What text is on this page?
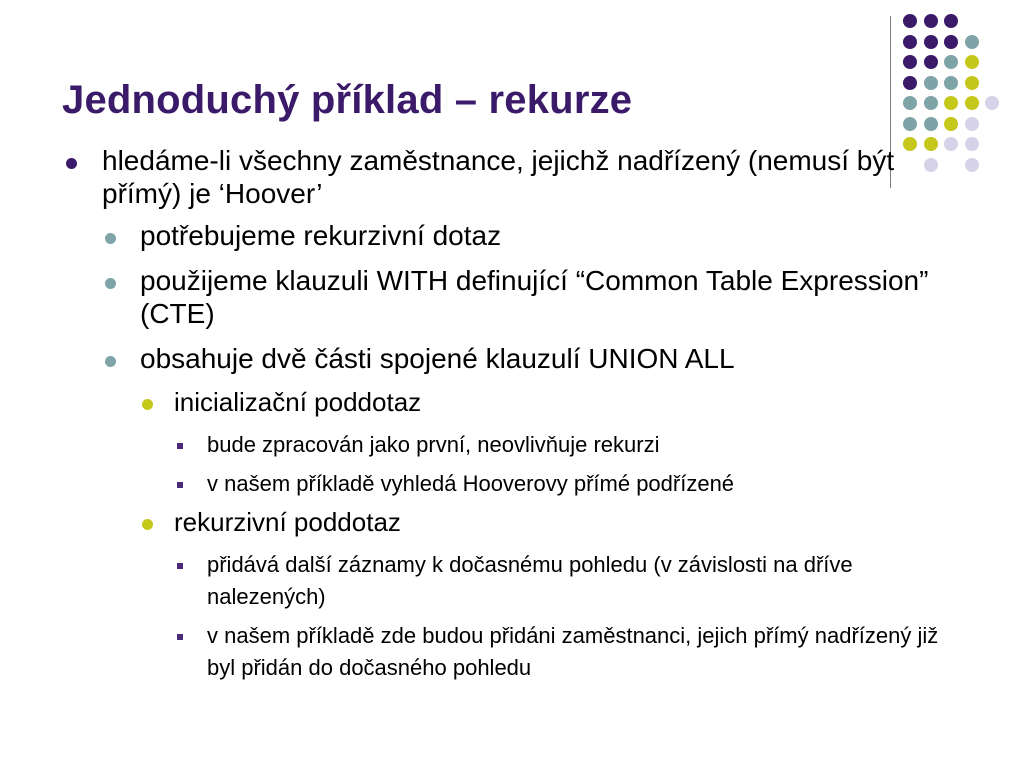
Jednoduchý příklad – rekurze
hledáme-li všechny zaměstnance, jejichž nadřízený (nemusí být přímý) je ‘Hoover’
potřebujeme rekurzivní dotaz
použijeme klauzuli WITH definující “Common Table Expression” (CTE)
obsahuje dvě části spojené klauzulí UNION ALL
inicializační poddotaz
bude zpracován jako první, neovlivňuje rekurzi
v našem příkladě vyhledá Hooverovy přímé podřízené
rekurzivní poddotaz
přidává další záznamy k dočasnému pohledu (v závislosti na dříve nalezených)
v našem příkladě zde budou přidáni zaměstnanci, jejich přímý nadřízený již byl přidán do dočasného pohledu
